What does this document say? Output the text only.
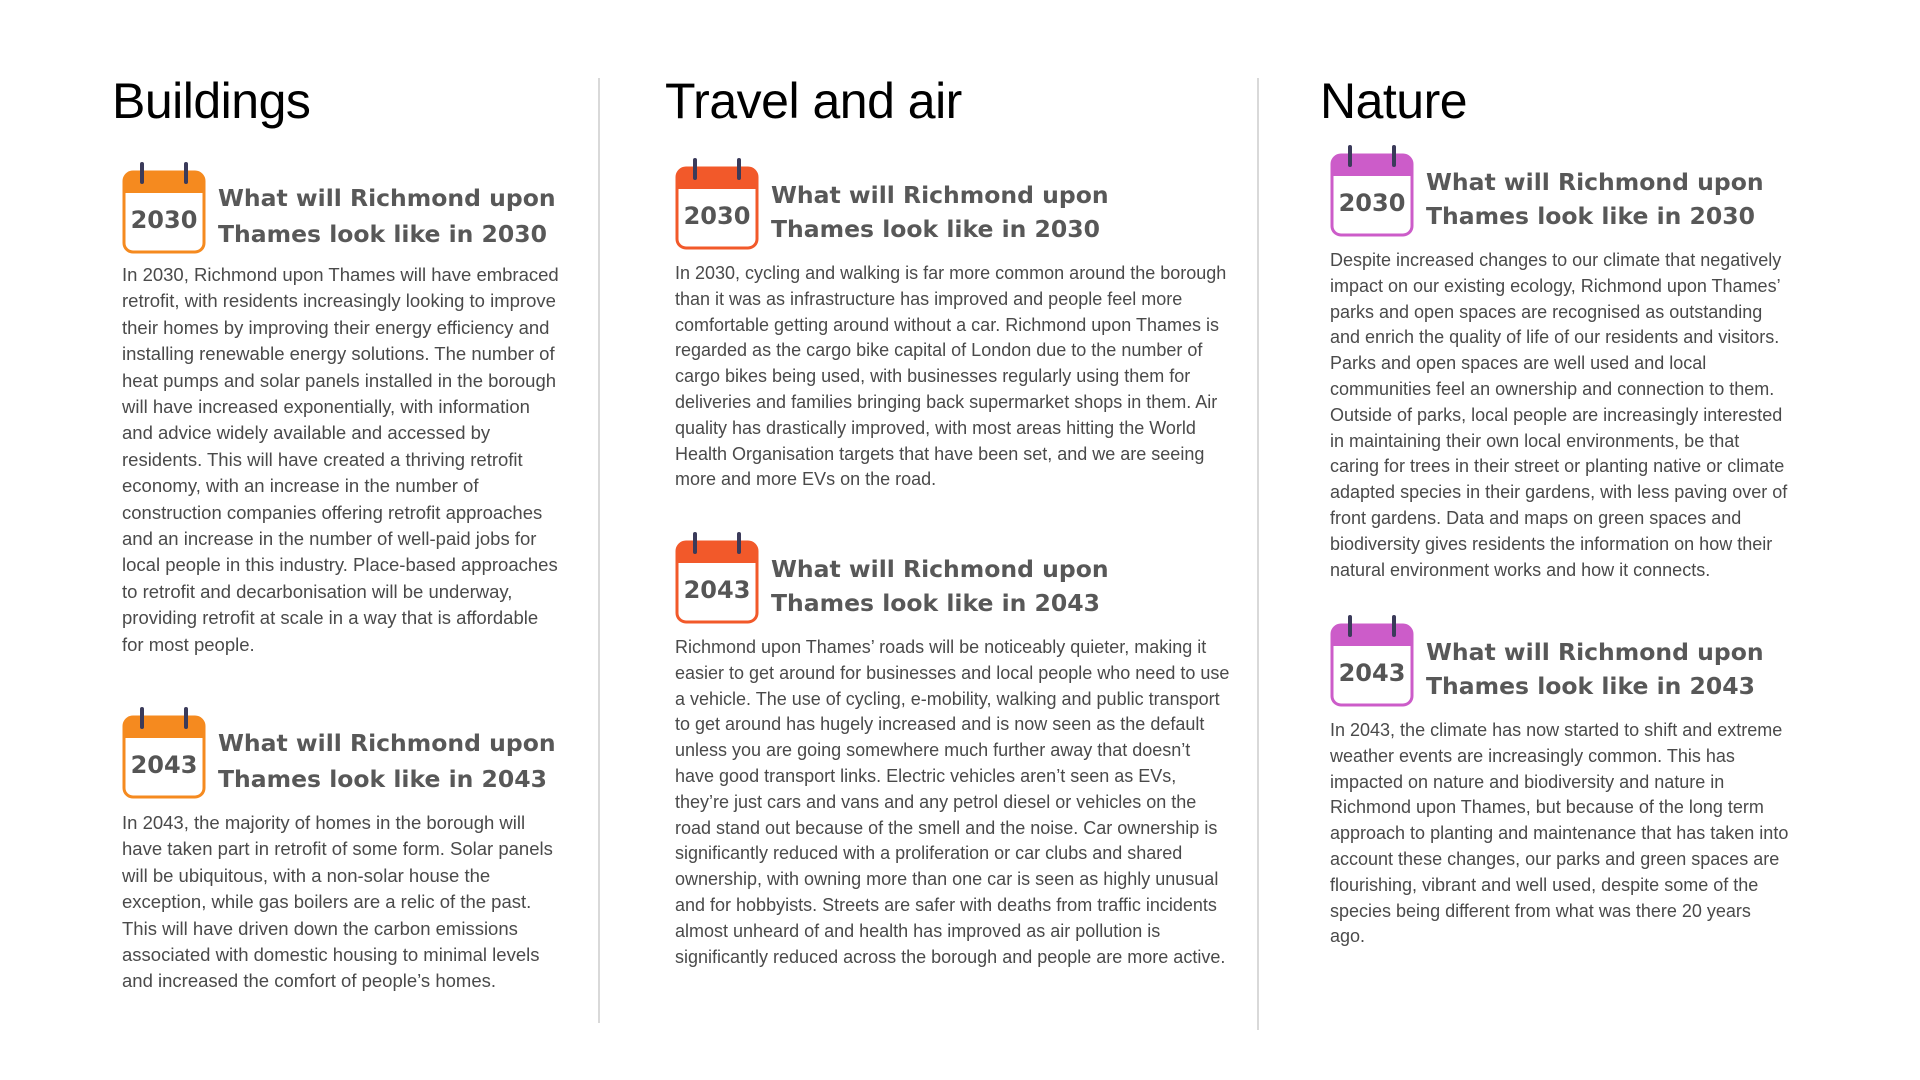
Buildings
2030
What will Richmond upon Thames look like in 2030

In 2030, Richmond upon Thames will have embraced retrofit, with residents increasingly looking to improve their homes by improving their energy efficiency and installing renewable energy solutions. The number of heat pumps and solar panels installed in the borough will have increased exponentially, with information and advice widely available and accessed by residents. This will have created a thriving retrofit economy, with an increase in the number of construction companies offering retrofit approaches and an increase in the number of well-paid jobs for local people in this industry. Place-based approaches to retrofit and decarbonisation will be underway, providing retrofit at scale in a way that is affordable for most people.

2043
What will Richmond upon Thames look like in 2043

In 2043, the majority of homes in the borough will have taken part in retrofit of some form. Solar panels will be ubiquitous, with a non-solar house the exception, while gas boilers are a relic of the past. This will have driven down the carbon emissions associated with domestic housing to minimal levels and increased the comfort of people’s homes.

Travel and air
2030
What will Richmond upon Thames look like in 2030

In 2030, cycling and walking is far more common around the borough than it was as infrastructure has improved and people feel more comfortable getting around without a car. Richmond upon Thames is regarded as the cargo bike capital of London due to the number of cargo bikes being used, with businesses regularly using them for deliveries and families bringing back supermarket shops in them. Air quality has drastically improved, with most areas hitting the World Health Organisation targets that have been set, and we are seeing more and more EVs on the road.

2043
What will Richmond upon Thames look like in 2043

Richmond upon Thames’ roads will be noticeably quieter, making it easier to get around for businesses and local people who need to use a vehicle. The use of cycling, e-mobility, walking and public transport to get around has hugely increased and is now seen as the default unless you are going somewhere much further away that doesn’t have good transport links. Electric vehicles aren’t seen as EVs, they’re just cars and vans and any petrol diesel or vehicles on the road stand out because of the smell and the noise. Car ownership is significantly reduced with a proliferation or car clubs and shared ownership, with owning more than one car is seen as highly unusual and for hobbyists. Streets are safer with deaths from traffic incidents almost unheard of and health has improved as air pollution is significantly reduced across the borough and people are more active.

Nature
2030
What will Richmond upon Thames look like in 2030

Despite increased changes to our climate that negatively impact on our existing ecology, Richmond upon Thames’ parks and open spaces are recognised as outstanding and enrich the quality of life of our residents and visitors. Parks and open spaces are well used and local communities feel an ownership and connection to them. Outside of parks, local people are increasingly interested in maintaining their own local environments, be that caring for trees in their street or planting native or climate adapted species in their gardens, with less paving over of front gardens. Data and maps on green spaces and biodiversity gives residents the information on how their natural environment works and how it connects.

2043
What will Richmond upon Thames look like in 2043

In 2043, the climate has now started to shift and extreme weather events are increasingly common. This has impacted on nature and biodiversity and nature in Richmond upon Thames, but because of the long term approach to planting and maintenance that has taken into account these changes, our parks and green spaces are flourishing, vibrant and well used, despite some of the species being different from what was there 20 years ago.
